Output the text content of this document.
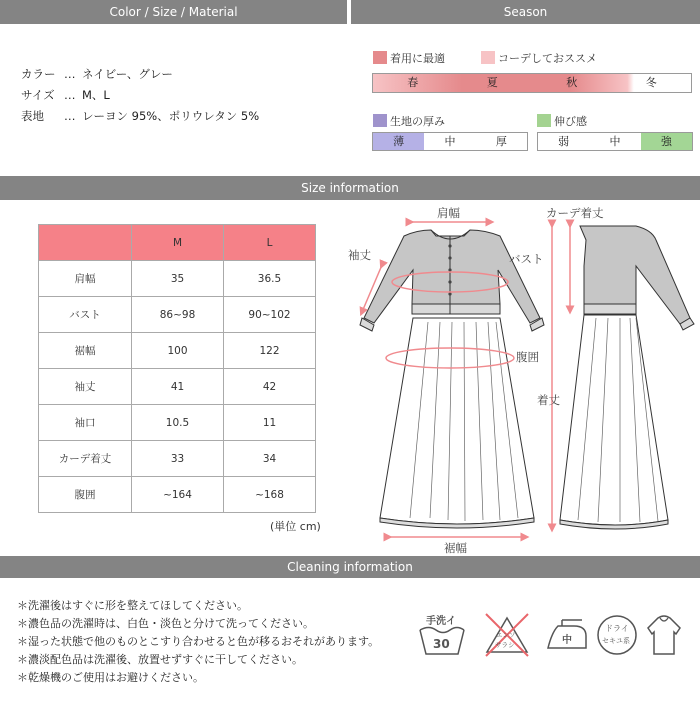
Color / Size / Material	Season
カラー … ネイビー、グレー
サイズ … M、L
表地	… レーヨン 95%、ポリウレタン 5%
着用に最適	コーデしておススメ
春	夏	秋	冬
生地の厚み
薄	中	厚
伸び感
弱	中	強
Size information
	M	L
肩幅	35	36.5
バスト	86~98	90~102
裾幅	100	122
袖丈	41	42
袖口	10.5	11
カーデ着丈	33	34
腹囲	~164	~168
(単位 cm)
肩幅
袖丈	バスト
腹囲
裾幅
カーデ着丈
着丈
Cleaning information
＊洗濯後はすぐに形を整えてほしてください。
＊濃色品の洗濯時は、白色・淡色と分けて洗ってください。
＊湿った状態で他のものとこすり合わせると色が移るおそれがあります。
＊濃淡配色品は洗濯後、放置せずすぐに干してください。
＊乾燥機のご使用はお避けください。
手洗イ
30
エンソ
サラシ	中
ドライ
セキユ系
